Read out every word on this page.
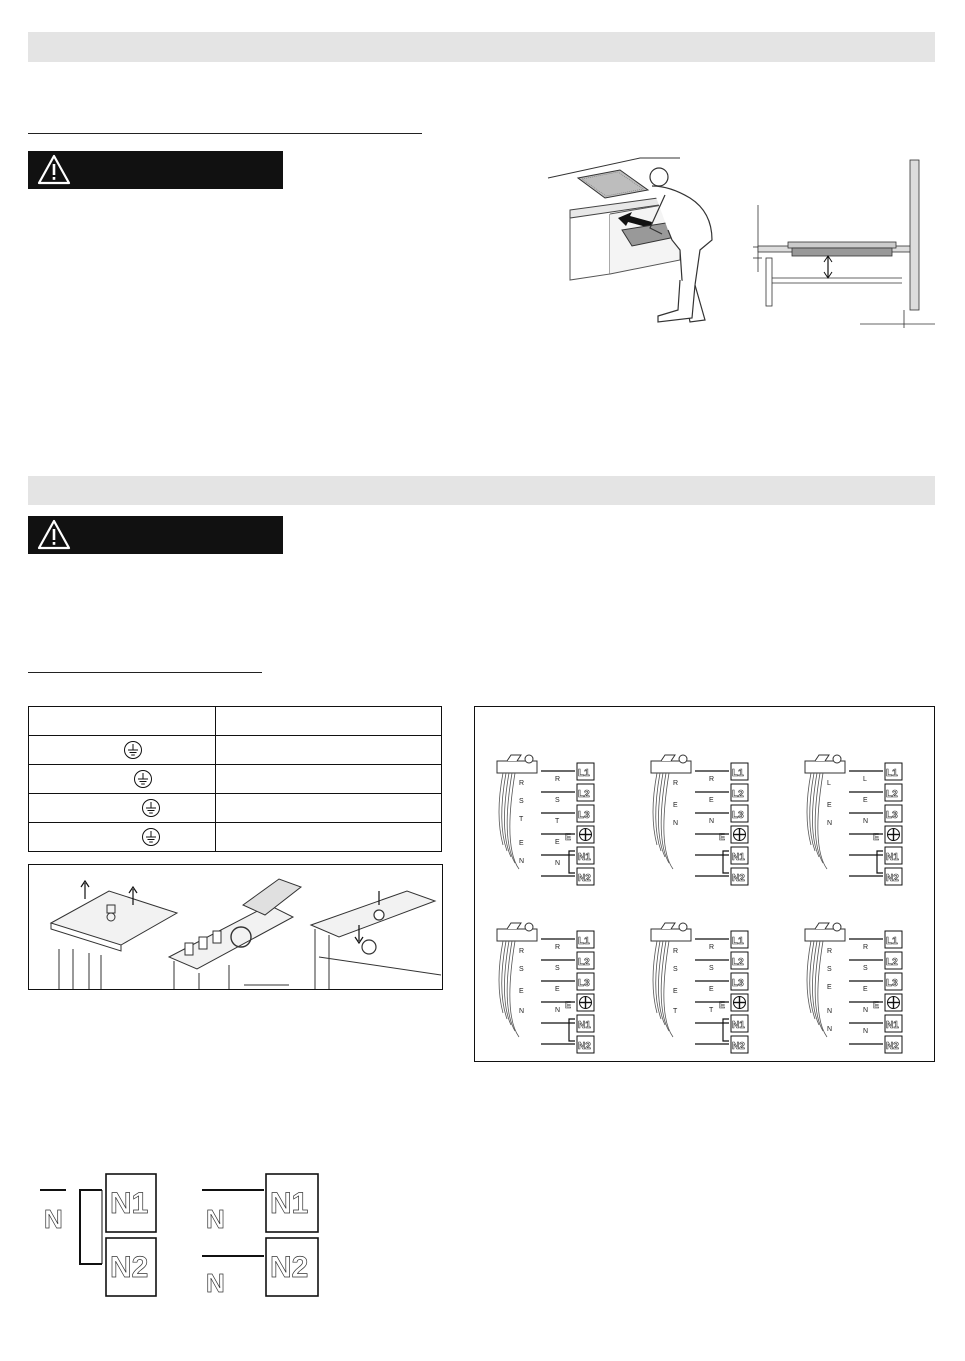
R
S
T
E
N
L1
L2
L3
E
N1
N2
R
S
T
E
N
R
E
N
L1
L2
L3
E
N1
N2
R
E
N
L
E
N
L1
L2
L3
E
N1
N2
L
E
N
R
S
E
N
L1
L2
L3
E
N1
N2
R
S
E
N
R
S
E
T
L1
L2
L3
E
N1
N2
R
S
E
T
R
S
E
N
N
L1
L2
L3
E
N1
N2
R
S
E
N
N
N N1
N2
N
N
N1
N2
